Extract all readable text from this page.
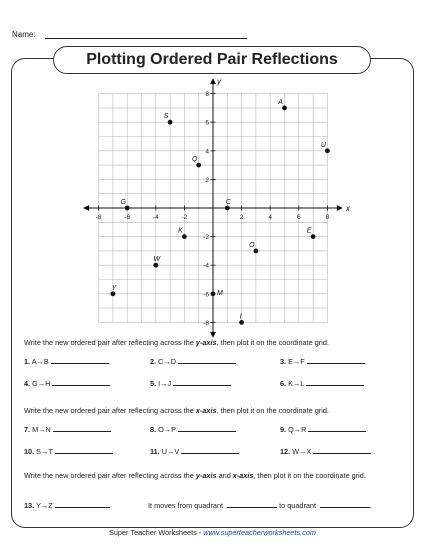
Name:
Plotting Ordered Pair Reflections
x
y
-8	-6	-4	-2	2	4	6	8
8
6
4
2
-2
-4
-6
-8
A
S
U
Q
G	C
K	E
O
W
Y
M
I
Write the new ordered pair after reflecting across the y-axis, then plot it on the coordinate grid.
1. A→B	2. C→D	3. E→F
4. G→H	5. I→J	6. K→L
Write the new ordered pair after reflecting across the x-axis, then plot it on the coordinate grid.
7. M→N	8. O→P	9. Q→R
10. S→T	11. U→V	12. W→X
Write the new ordered pair after reflecting across the y-axis and x-axis, then plot it on the coordinate grid.
13. Y→Z	It moves from quadrant	to quadrant	.
Super Teacher Worksheets - www.superteacherworksheets.com
